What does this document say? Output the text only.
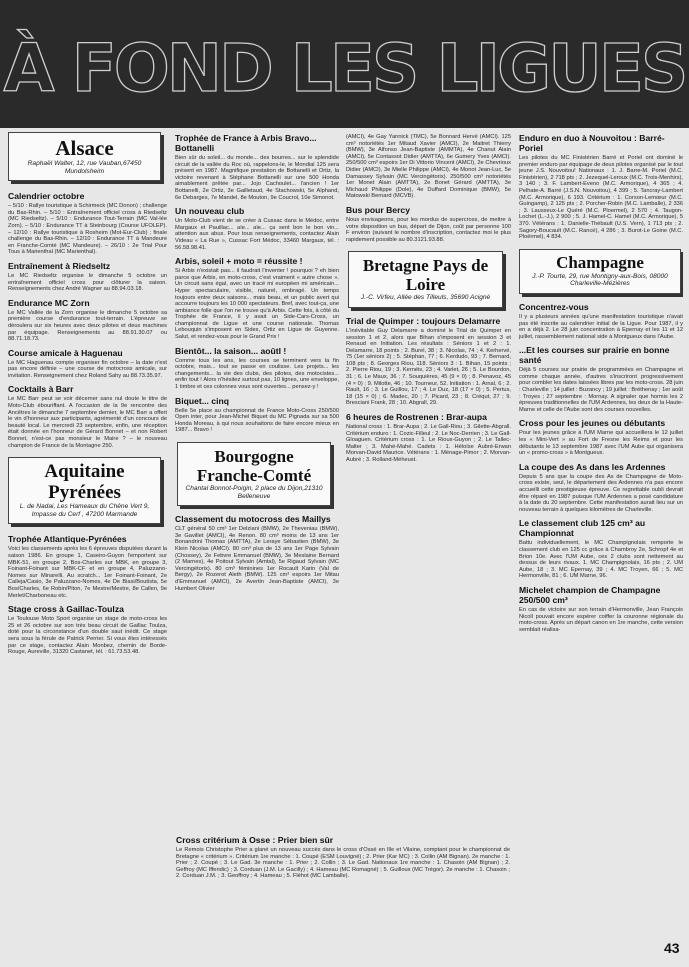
À FOND LES LIGUES
Alsace
Raphaël Walter, 12, rue Vauban,67450 Mundolsheim
Calendrier octobre

– 5/10 : Rallye touristique à Schirmeck (MC Donon) ; challenge du Bas-Rhin. – 5/10 : Entraînement officiel cross à Riedseltz (MC Riedseltz). – 5/10 : Endurance Tout-Terrain (MC Val-lée Zorn). – 5/10 : Endurance TT à Steinbourg (Course UFOLEP). – 12/10 : Rallye touristique à Rosheim (Mot-Eur-Club) ; finale challenge du Bas-Rhin. – 12/10 : Endurance TT à Mandeure en Franche-Comté (MC Mandeure). – 26/10 : 2e Trial Pour Tous à Marienthal (MC Marienthal).

Entraînement à Riedseltz

Le MC Riedseltz organise le dimanche 5 octobre un entraînement officiel cross pour clôturer la saison. Renseignements chez André Wagner au 88.94.03.18.

Endurance MC Zorn

Le MC Vallée de la Zorn organise le dimanche 5 octobre sa première course d'endurance tout-terrain. L'épreuve se déroulera sur six heures avec deux pilotes et deux machines par équipage. Renseignements au 88.91.30.07 ou 88.71.18.73.

Course amicale à Haguenau

Le MC Haguenau compte organiser fin octobre – la date n'est pas encore définie – une course de motocross amicale, sur invitation. Renseignement chez Roland Sahy au 88.73.35.97.

Cocktails à Barr

Le MC Barr peut se voir décerner sans nul doute le titre de Moto-Club ébouriffant. A l'occasion de la 9e rencontre des Ancêtres le dimanche 7 septembre dernier, le MC Barr a offert le vin d'honneur aux participants, agrémenté d'un concours de beauté local. Le mercredi 23 septembre, enfin, une réception était donnée en l'honneur de Gérard Bonnet – et non Robert Bonnet, n'est-ce pas monsieur le Maire ? – le nouveau champion de France de la Montagne 250.

Aquitaine Pyrénées
L. de Nadai, Les Hameaux du Chêne Vert 9, Impasse du Cerf , 47200 Marmande
Trophée Atlantique-Pyrénées

Voici les classements après les 6 épreuves disputées durant la saison 1986. En groupe 1, Caseiro-Guyon l'emportent sur MBK-51, en groupe 2, Bos-Charles sur MBK, en groupe 3, Foinant-Foinant sur MBK-CF et en groupe 4, Paluzzano-Nomes sur Minarelli. Au scratch... 1er Foinant-Foinant, 2e Calleja/Casio, 3e Paluzzano-Nomes, 4e De Biasi/Boutista, 5e Bos/Charles, 6e Robin/Piton, 7e Mestre/Mestre, 8e Callen, 9e Merlet/Charboneau etc.

Stage cross à Gaillac-Toulza

Le Toulouse Moto Sport organise un stage de moto-cross les 25 et 26 octobre sur son très beau circuit de Gaillac Toulza, doté pour la circonstance d'un double saut inédit. Ce stage sera sous la férule de Patrick Perrier. Si vous êtes intéressés par ce stage, contactez Alain Monbez, chemin de Borde-Rouge, Aureville, 31320 Castanet, tél. : 61.73.53.48.

Trophée de France à Arbis Bravo... Bottanelli

Bien sûr du soleil... du monde... des bourres... sur le splendide circuit de la vallée du Roc où, rappelons-le, le Mondial 125 sera présent en 1987. Magnifique prestation de Bottanelli et Ortiz, la victoire revenant à Stéphane Bottanelli sur une 500 Honda aimablement prêtée par... Jojo Cachoulet... l'ancien ! 1er Bottanelli, 2e Ortiz, 3e Gailletaud, 4e Stachowski, 5e Alphand, 6e Debarges, 7e Mandel, 8e Mouton, 9e Coucrol, 10e Simonot.

Un nouveau club

Un Moto-Club vient de se créer à Cussac dans le Médoc, entre Margaux et Pauillac... aïe... aïe... ça sent bon le bon vin... attention aux abus. Pour tous renseignements, contactez Alain Videau « La Rue », Cussac Fort Médoc, 33460 Margaux, tél. : 56.58.98.41.

Arbis, soleil + moto = réussite !

Si Arbis n'existait pas... il faudrait l'inventer ! pourquoi ? eh bien parce que Arbis, en moto-cross, c'est vraiment « autre chose ». Un circuit sans égal, avec un tracé mi européen mi américain... Hyper spectaculaire, visible, naturel, ombragé. Un temps toujours entre deux saisons... mais beau, et un public avert qui accourre toujours les 10 000 spectateurs. Bref, avec tout-ça, une ambiance folle que l'on ne trouve qu'à Arbis. Cette fois, à côté du Trophée de France, il y avait un Side-Cars-Cross, un championnat de Ligue et une course nationale. Thomas Lebouquin s'imposent en Sides, Ortiz en Ligue de Guyenne. Salut, et rendez-vous pour le Grand Prix !

Bientôt... la saison... aoûtl !

Comme tous les ans, les courses se terminent vers la fin octobre, mais... tout se passe en coulisse. Les projets... les changements... la vie des clubs, des pilotes, des motocistes... enfin tout ! Alors n'hésitez surtout pas, 10 lignes, une enveloppe, 1 timbre et ces colonnes vous sont ouvertes... pensez-y !

Biquet... cinq

Belle 5e place au championnat de France Moto-Cross 250/500 Open inter, pour Jean-Michel Biquet du MC Pignada sur sa 500 Honda Moreau, à qui nous souhaitons de faire encore mieux en 1987... Bravo !

Bourgogne Franche-Comté
Chantal Bonnot-Poigin, 2 place du Dijon,21310 Belleneuve
Classement du motocross des Maillys

CLT général 50 cm³ 1er Delziani (BMW), 2e Theveniau (BMW), 3e Gavillet (AMCI), 4e Renon. 80 cm³ moins de 13 ans 1er Bonandrini Thomas (AMTTA), 2e Leraye Sébastien (BMW), 3e Klein Nicolas (AMCI). 80 cm³ plus de 13 ans 1er Page Sylvain (Chossey), 2e Febvre Emmanuel (BMW), 3e Meslaine Bernard (2 Marnes), 4e Poitout Sylvain (Amtal), 5e Rigaud Sylvain (MC Vercingétorix). 80 cm³ féminines 1er Rocault Karin (Val de Bergy), 2e Rozerot Aleth (BMW). 125 cm³ espoirs 1er Mitau d'Emmanuel (AMCI), 2e Avertin Jean-Baptiste (AMCI), 3e Humbert Olivier

(AMCI), 4e Gay Yannick (TMC), 5e Bonnard Hervé (AMCI). 125 cm³ notoriétés 1er Mitaud Xavier (AMCI), 2e Maitret Thierry (BMW), 3e Alfonso Jean-Baptiste (AMMTA), 4e Chanut Alain (AMCI), 5e Contassot Didier (AMTTA), 6e Gumery Yves (AMCI). 250/500 cm³ espoirs 1er Di Vittorio Vincent (AMCI), 2e Chevrioux Didier (AMCI), 3e Mielle Philippe (AMCI), 4e Monot Jean-Luc, 5e Damassey Sylvain (MC Vercingétorix). 250/500 cm³ notoriétés 1er Monet Alain (AMTTA), 2e Bonet Gérard (AMTTA), 3e Michaud Philippe (Dole), 4e Duffard Dominique (BMW), 5e Matowski Bernard (MCVB).

Bus pour Bercy

Nous envisageons, pour les mordus de supercross, de mettre à votre disposition un bus, départ de Dijon, coût par personne 100 F environ (suivant le nombre d'inscription, contactez moi le plus rapidement possible au 80.3121.93.88.

Bretagne Pays de Loire
J.-C. Virfeu, Allée des Tilleuls, 35690 Acigné
Trial de Quimper : toujours Delamarre

L'inévitable Guy Delamarre a dominé le Trial de Quimper en session 1 et 2, alors que Bihan s'imposent en session 3 et Renaud en Initiation. Les résultats : Séniors 1 et 2 : 1. Delamarre, 18 points ; 2. Burel, 38 ; 3. Nicolas, 74 ; 4. Kerhervé, 75 (1er séniors 2) ; 5. Stéphan, 77 ; 6. Kerdudo, 93 ; 7. Bernard, 108 pts ; 8. Georges Riou, 118. Séniors 3 : 1. Bihan, 15 points ; 2. Pierre Riou, 19 ; 3. Kernéis, 23 ; 4. Varlet, 26 ; 5. Le Bourdon, 31 ; 6. Le Maux, 36 ; 7. Souquières, 45 (9 × 0) ; 8. Penavoz, 45 (4 × 0) ; 9. Milotte, 46 ; 10. Tourneur, 52. Initiation : 1. Arnal, 6 ; 2. Rault, 16 ; 3. Le Guillou, 17 ; 4. Le Duz, 18 (17 × 0) ; 5. Pertus, 18 (15 × 0) ; 6. Madec, 20 ; 7. Picard, 23 ; 8. Créqut, 27 ; 9. Bresciani Frank, 28 ; 10. Abgrall, 29.

6 heures de Rostrenen : Brar-aupa

National cross : 1. Brar-Aupa ; 2. Le Gall-Riou ; 3. Gilette-Abgrall. Critérium enduro : 1. Cozic-Filleul ; 2. Le Noc-Derrien ; 3. Le Gall-Gloaguen. Critérium cross : 1. Le Rioux-Guyon ; 2. Le Tallec-Malter ; 3. Mahé-Mahé. Cadets : 1. Héloïse Aubré-Erwan Morvan-David Maurice. Vétérans : 1. Ménage-Pimor ; 2. Morvan-Aubré ; 3. Rolland-Méheust.

Cross critérium à Osse : Prier bien sûr

Le Remois Christophe Prier a glané un nouveau succès dans le cross d'Ossé en Ille et Vilaine, comptant pour le championnat de Bretagne « critérium ». Critérium 1re manche : 1. Coupé (ESM Louvigné) ; 2. Prier (Kar MC) ; 3. Collin (AM Bignan). 2e manche : 1. Prier ; 2. Coupé ; 3. Le Gad. 3e manche : 1. Prier ; 2. Collin ; 3. Le Gad. Nationaux 1re manche : 1. Chasoin (AM Bignan) ; 2. Geffroy (MC Iffendic) ; 3. Corduan (J.M. Le Gacilly) ; 4. Hameau (MC Romagné) ; 5. Guilloux (MC Trégor). 2e manche : 1. Chasoin ; 2. Corduan J.M. ; 3. Geoffroy ; 4. Hameau ; 5. Fléhot (MC Lamballe).

Enduro en duo à Nouvoitou : Barré-Poriel

Les pilotes du MC Finistérien Barré et Poriel ont dominé le premier enduro par équipage de deux pilotes organisé par le tout jeune J.S. Nouvoitou! Nationaux : 1. J. Barre-M. Poriel (M.C. Finistérien), 2 718 pts ; 2. Jezequel-Leroux (M.C. Trois-Menhirs), 3 140 ; 3. F. Lambert-Eveno (M.C. Armorique), 4 365 ; 4. Pelhate-A. Barré (J.S.N. Nouvoitou), 4 399 ; 5. Tancray-Lambert (M.C. Armorique), 6 193. Critérium : 1. Corson-Lemœur (M.C. Guingamp), 2 125 pts ; 2. Porcher-Robin (M.C. Lamballe), 2 336 ; 3. Lausseux-Le Quéré (M.C. Ploermel), 2 570 ; 4. Taugon-Lochet (L.-J.), 2 900 ; 5. J. Hamel-C. Hamel (M.C. Armorique), 5 370. Vétérans : 1. Danielle-Thébault (U.S. Vern), 1 713 pts ; 2. Sagory-Boucault (M.C. Rancé), 4 286 ; 3. Burot-Le Goine (M.C. Ploërmel), 4 834.

Champagne
J.-P. Tourte, 29, rue Montigny-aux-Bois, 08000 Charleville-Mézières
Concentrez-vous

Il y a plusieurs années qu'une manifestation touristique n'avait pas été inscrite au calendrier initial de la Ligue. Pour 1987, il y en a déjà 2. Le 28 juin concentration à Epernay et les 11 et 12 juillet, rassemblement national side à Montgueux dans l'Aube.

...Et les courses sur prairie en bonne santé

Déjà 5 courses sur prairie de programmées en Champagne et comme chaque année, d'autres s'inscriront progressivement pour combler les dates laissées libres par les moto-cross. 28 juin : Charleville ; 14 juillet : Buzancy ; 19 juillet : Bréthenay ; 1er août : Troyes ; 27 septembre : Mornay. A signaler que hormis les 2 épreuves traditionnelles de l'UM Ardennes, les deux de la Haute-Marne et celle de l'Aube sont des courses nouvelles.

Cross pour les jeunes ou débutants

Pour les jeunes grâce à l'UM Marne qui accueillera le 12 juillet les « Mini-Vert » au Fort de Fresne les Reims et pour les débutants le 13 septembre 1987 avec l'UM Aube qui organisera un « promo-cross » à Montgueux.

La coupe des As dans les Ardennes

Depuis 5 ans que la coupe des As de Champagne de Moto-cross existe, seul, le département des Ardennes n'a pas encore accueilli cette prestigieuse épreuve. Ce regrettable oubli devrait être réparé en 1987 puisque l'UM Ardennes a posé candidature à la date du 20 septembre. Cette manifestation aurait lieu sur un nouveau terrain à quelques kilomètres de Charleville.

Le classement club 125 cm³ au Championnat

Battu individuellement, le MC Champignolais remporte le classement club en 125 cc grâce à Chambroy 2e, Schropf 4e et Brion 10e. Avec l'UM Aube, ces 2 clubs sont nettement au dessus de leurs rivaux. 1. MC Champignolais, 16 pts ; 2. UM Aube, 18 ; 3. MC Epernay, 39 ; 4. MC Troyen, 66 ; 5. MC Hermonville, 81 ; 6. UM Marne, 96.

Michelet champion de Champagne 250/500 cm³

En cas de victoire sur son terrain d'Hermonville, Jean François Nicoll pouvait encore espérer coiffer la couronne régionale du moto-cross. Après un départ canon en 1re manche, cette version semblait réalisa-

43
